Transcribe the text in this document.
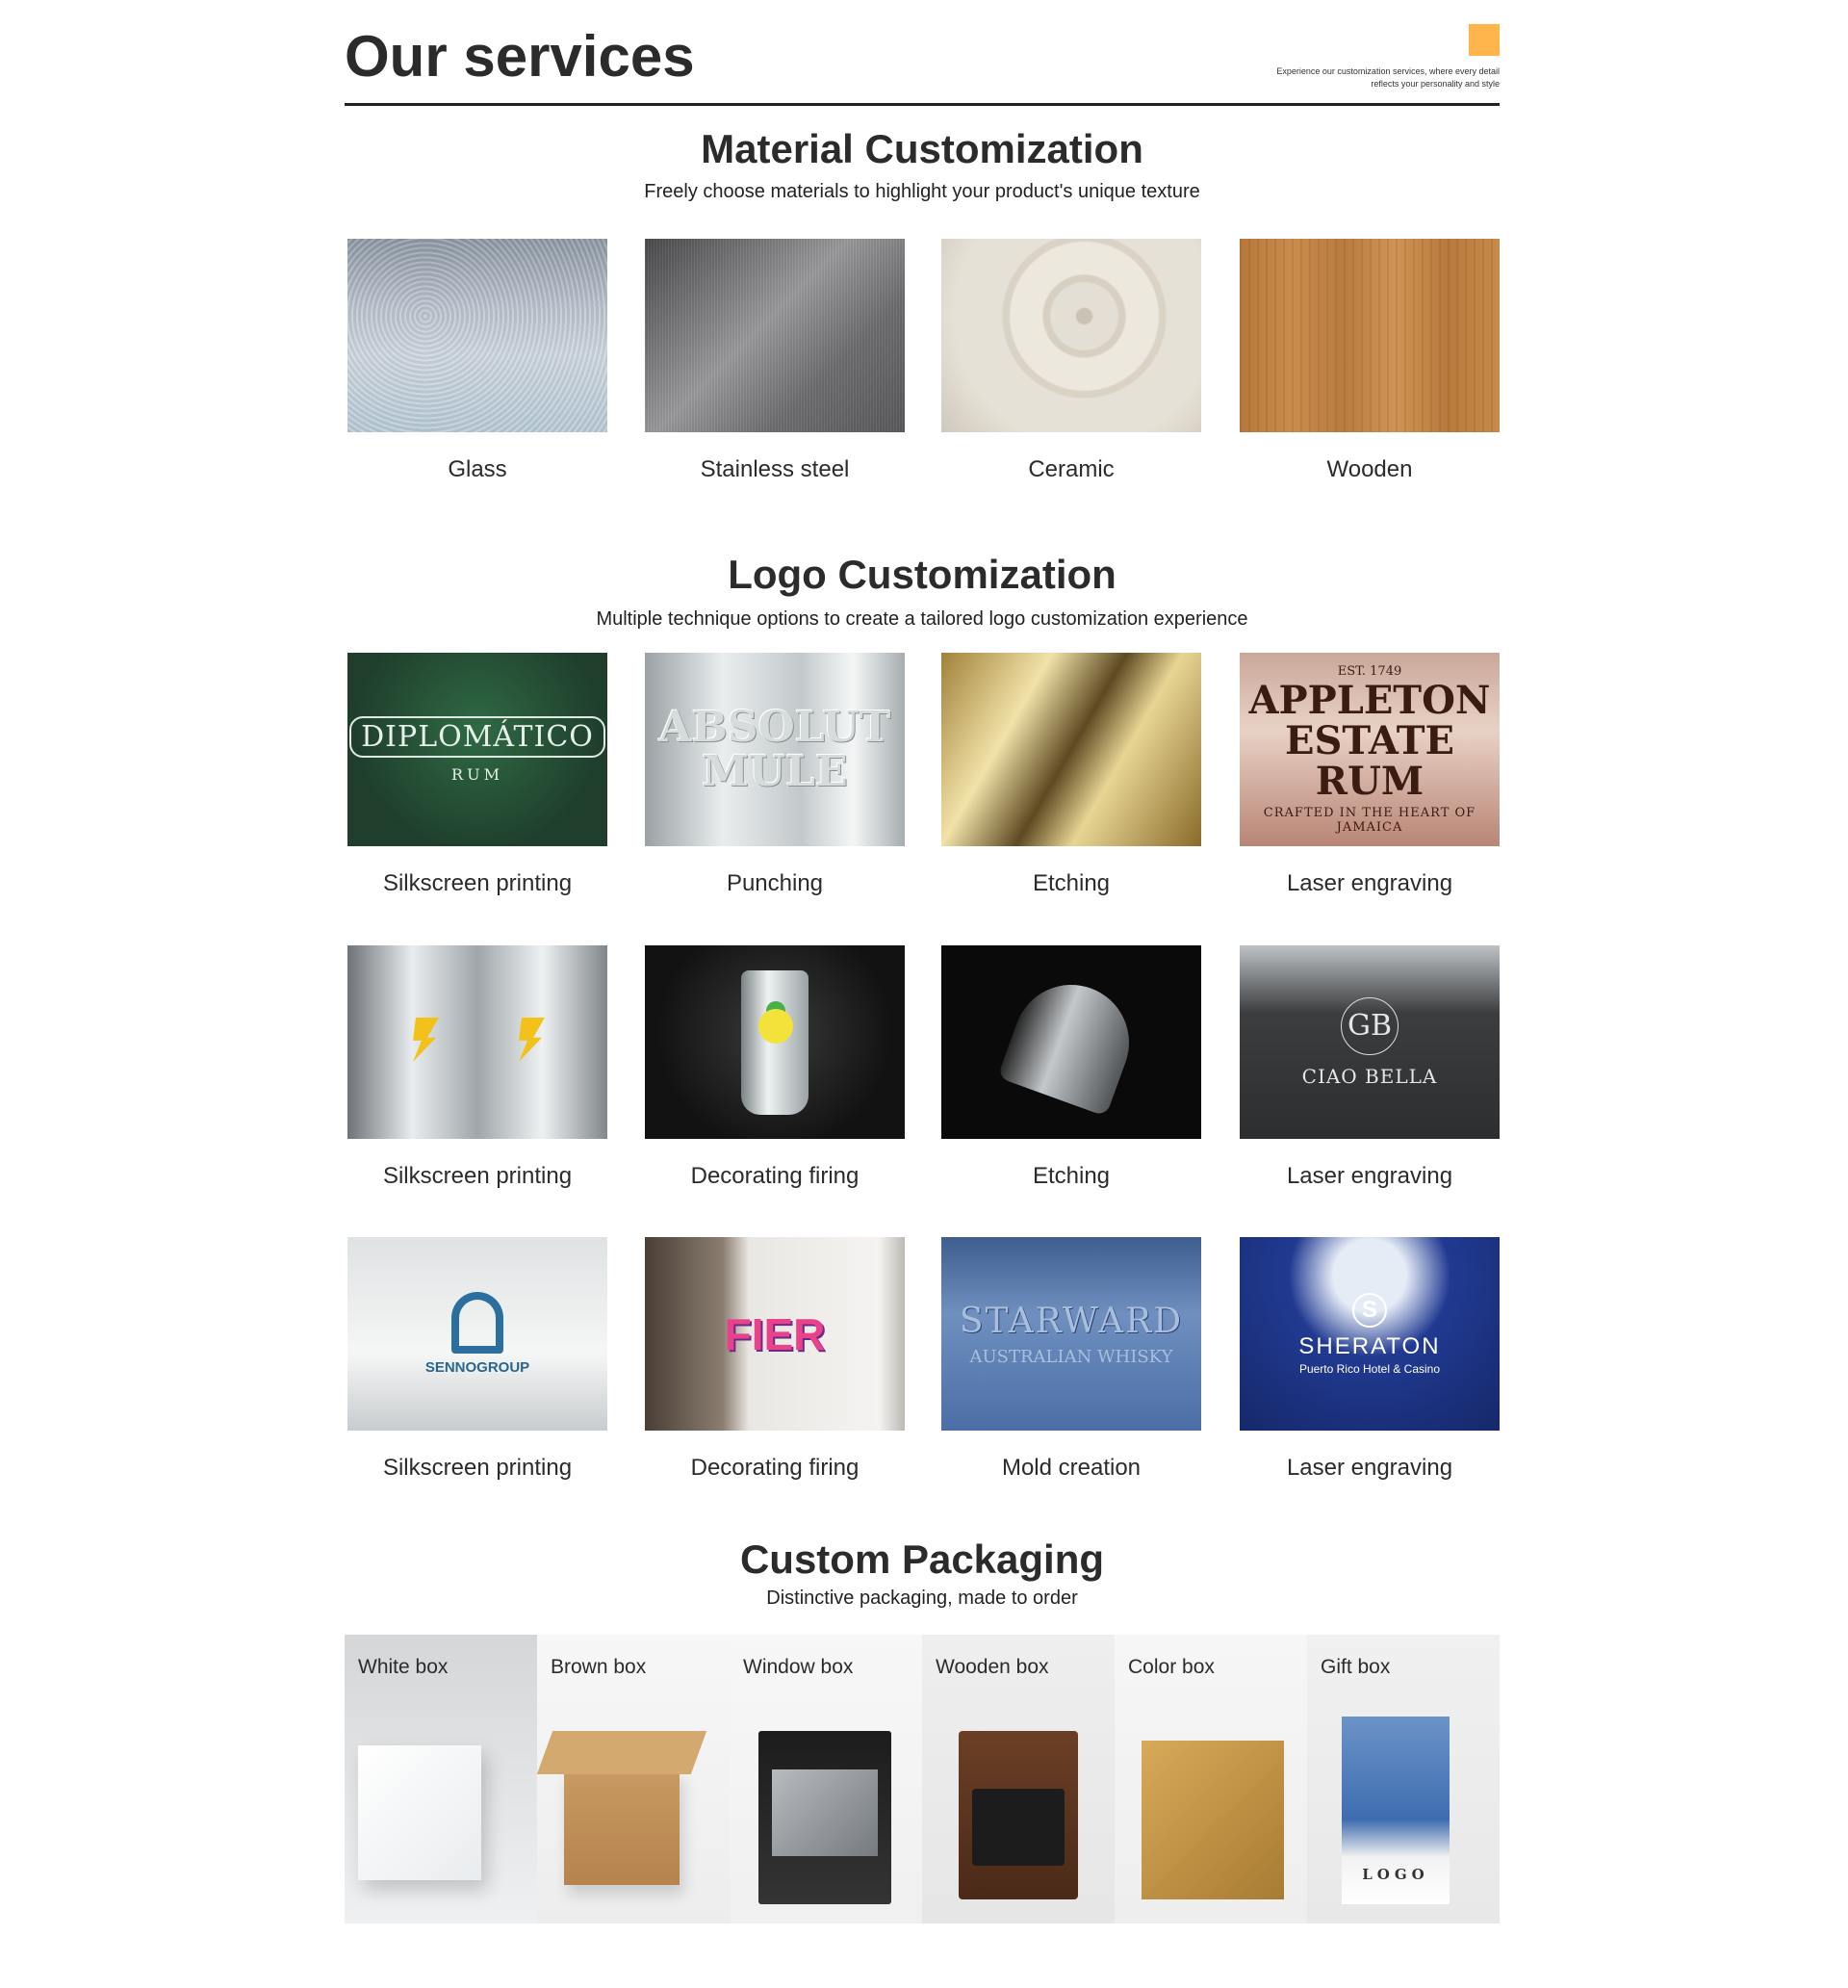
Our services	Experience our customization services, where every detail reflects your personality and style
Material Customization
Freely choose materials to highlight your product's unique texture
Glass	Stainless steel	Ceramic	Wooden
Logo Customization
Multiple technique options to create a tailored logo customization experience
DIPLOMÁTICO
RUM
Silkscreen printing
ABSOLUT MULE
Punching	Etching
EST. 1749
APPLETON ESTATE RUM
CRAFTED IN THE HEART OF JAMAICA
Laser engraving
Silkscreen printing	Decorating firing	Etching
GB
CIAO BELLA
Laser engraving
SENNOGROUP
Silkscreen printing
FIER
Decorating firing
STARWARD
AUSTRALIAN WHISKY
Mold creation
S
SHERATON
Puerto Rico Hotel & Casino
Laser engraving
Custom Packaging
Distinctive packaging, made to order
White box	Brown box	Window box	Wooden box	Color box	Gift box
LOGO
